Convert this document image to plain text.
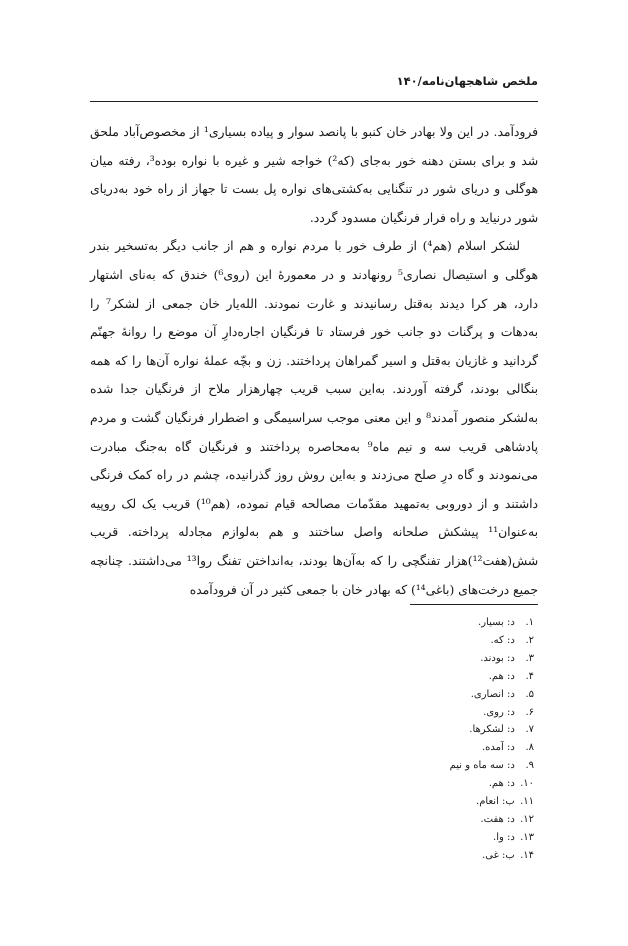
ملخص شاهجهان‌نامه/۱۴۰

فرودآمد. در این ولا بهادر خان کنبو با پانصد سوار و پیاده بسیاری¹ از مخصوص‌آباد ملحق شد و برای بستن دهنه خور به‌جای (که²) خواجه شیر و غیره با نواره بوده³، رفته میان هوگلی و دریای شور در تنگنایی به‌کشتی‌های نواره پل بست تا جهاز از راه خود به‌دریای شور درنیاید و راه فرار فرنگیان مسدود گردد.

لشکر اسلام (هم⁴) از طرف خور با مردم نواره و هم از جانب دیگر به‌تسخیر بندر هوگلی و استیصال نصاری⁵ رونهادند و در معمورهٔ این (روی⁶) خندق که به‌نای اشتهار دارد، هر کرا دیدند به‌قتل رسانیدند و غارت نمودند. الله‌یار خان جمعی از لشکر⁷ را به‌دهات و پرگنات دو جانب خور فرستاد تا فرنگیان اجاره‌دارِ آن موضع را روانهٔ جهنّم گردانید و غازیان به‌قتل و اسیر گمراهان پرداختند. زن و بچّه عملهٔ نواره آن‌ها را که همه بنگالی بودند، گرفته آوردند. به‌این سبب قریب چهارهزار ملاح از فرنگیان جدا شده به‌لشکر منصور آمدند⁸ و این معنی موجب سراسیمگی و اضطرار فرنگیان گشت و مردم پادشاهی قریب سه و نیم ماه⁹ به‌محاصره پرداختند و فرنگیان گاه به‌جنگ مبادرت می‌نمودند و گاه درِ صلح می‌زدند و به‌این روش روز گذرانیده، چشم در راه کمک فرنگی داشتند و از دوروبی به‌تمهید مقدّمات مصالحه قیام نموده، (هم¹⁰) قریب یک لک روپیه به‌عنوان¹¹ پیشکش صلحانه واصل ساختند و هم به‌لوازم مجادله پرداخته. قریب شش(هفت¹²)هزار تفنگچی را که به‌آن‌ها بودند، به‌انداختن تفنگ روا¹³ می‌داشتند. چنانچه جمیع درخت‌های (باغی¹⁴) که بهادر خان با جمعی کثیر در آن فرودآمده

۱. د: بسیار.
۲. د: که.
۳. د: بودند.
۴. د: هم.
۵. د: انصاری.
۶. د: روی.
۷. د: لشکرها.
۸. د: آمده.
۹. د: سه ماه و نیم
۱۰. د: هم.
۱۱. ب: انعام.
۱۲. د: هفت.
۱۳. د: وا.
۱۴. ب: غی.
